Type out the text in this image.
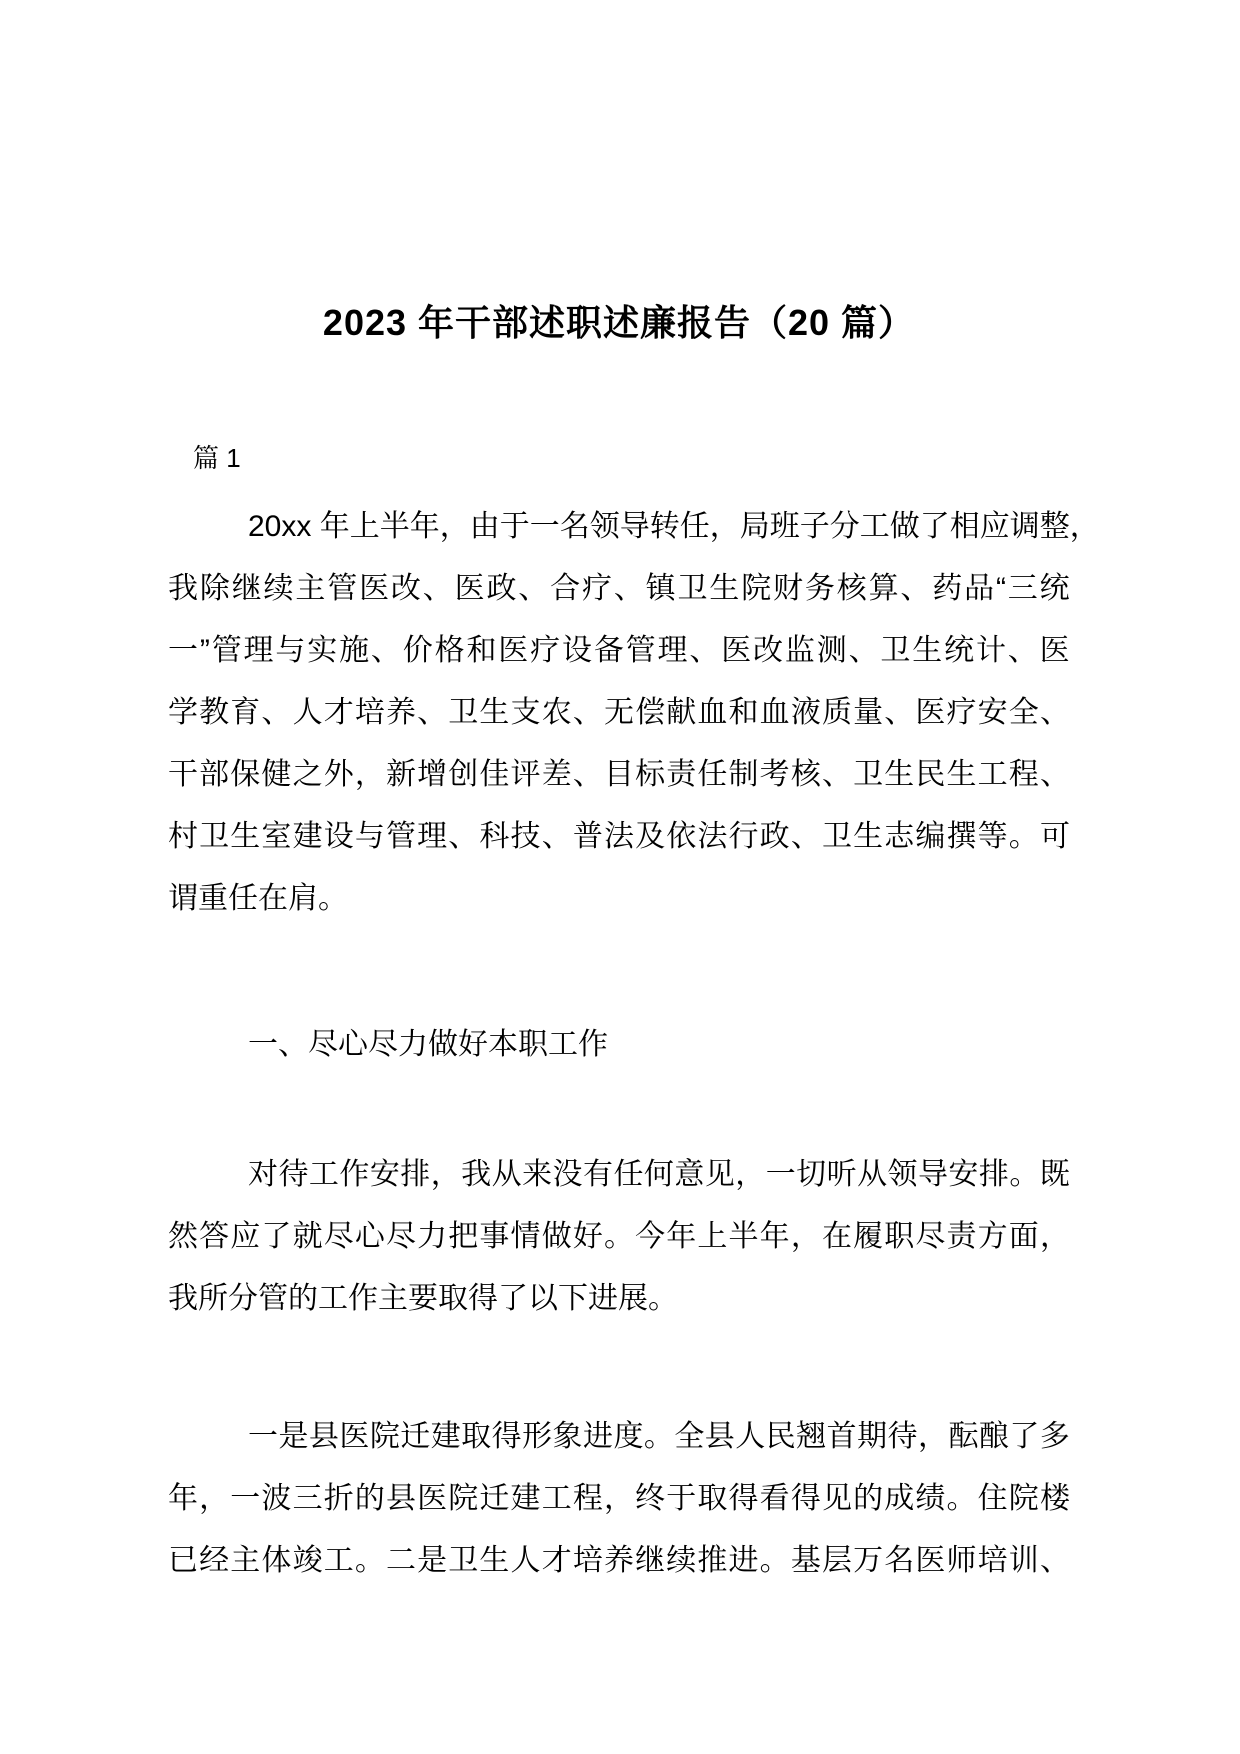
2023 年干部述职述廉报告（20 篇）
篇 1
20xx 年 上 半 年 ， 由 于 一 名 领 导 转 任 ， 局 班 子 分 工 做 了 相 应 调 整 ，
我 除 继 续 主 管 医 改 、 医 政 、 合 疗 、 镇 卫 生 院 财 务 核 算 、 药 品 “ 三 统
一 ” 管 理 与 实 施 、 价 格 和 医 疗 设 备 管 理 、 医 改 监 测 、 卫 生 统 计 、 医
学 教 育 、 人 才 培 养 、 卫 生 支 农 、 无 偿 献 血 和 血 液 质 量 、 医 疗 安 全 、
干 部 保 健 之 外 ， 新 增 创 佳 评 差 、 目 标 责 任 制 考 核 、 卫 生 民 生 工 程 、
村 卫 生 室 建 设 与 管 理 、 科 技 、 普 法 及 依 法 行 政 、 卫 生 志 编 撰 等 。 可
谓重任在肩。
一、尽心尽力做好本职工作
对 待 工 作 安 排 ， 我 从 来 没 有 任 何 意 见 ， 一 切 听 从 领 导 安 排 。 既
然 答 应 了 就 尽 心 尽 力 把 事 情 做 好 。 今 年 上 半 年 ， 在 履 职 尽 责 方 面 ，
我所分管的工作主要取得了以下进展。
一 是 县 医 院 迁 建 取 得 形 象 进 度 。 全 县 人 民 翘 首 期 待 ， 酝 酿 了 多
年 ， 一 波 三 折 的 县 医 院 迁 建 工 程 ， 终 于 取 得 看 得 见 的 成 绩 。 住 院 楼
已 经 主 体 竣 工 。 二 是 卫 生 人 才 培 养 继 续 推 进 。 基 层 万 名 医 师 培 训 、
